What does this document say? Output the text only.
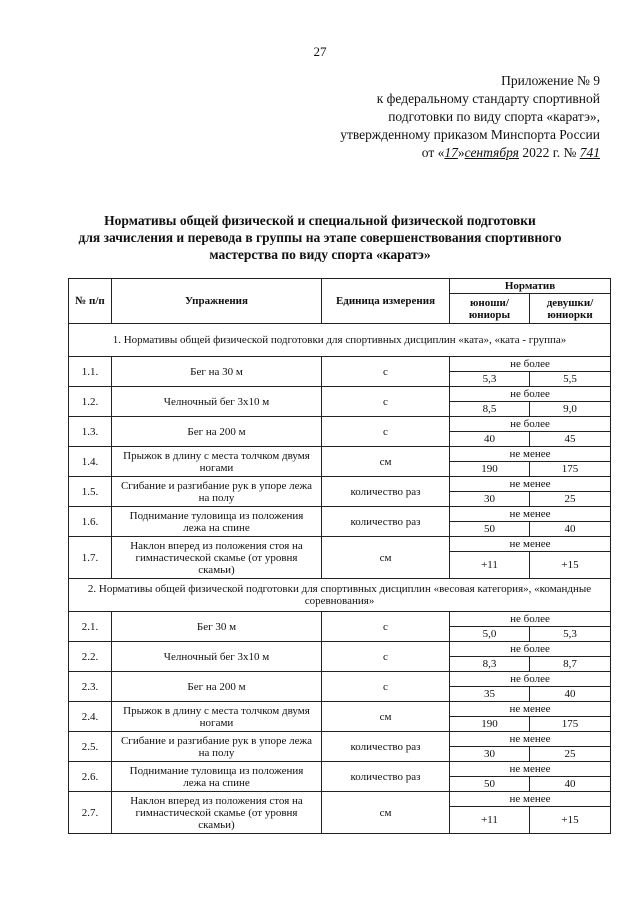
27
Приложение № 9
к федеральному стандарту спортивной
подготовки по виду спорта «каратэ»,
утвержденному приказом Минспорта России
от «17»сентября 2022 г. № 741
Нормативы общей физической и специальной физической подготовки
для зачисления и перевода в группы на этапе совершенствования спортивного
мастерства по виду спорта «каратэ»
№ п/п	Упражнения	Единица измерения	Норматив	
			юноши/ юниоры	девушки/ юниорки
1. Нормативы общей физической подготовки для спортивных дисциплин «ката», «ката - группа»				
1.1.	Бег на 30 м	с	не более	
			5,3	5,5
1.2.	Челночный бег 3х10 м	с	не более	
			8,5	9,0
1.3.	Бег на 200 м	с	не более	
			40	45
1.4.	Прыжок в длину с места толчком двумя ногами	см	не менее	
			190	175
1.5.	Сгибание и разгибание рук в упоре лежа на полу	количество раз	не менее	
			30	25
1.6.	Поднимание туловища из положения лежа на спине	количество раз	не менее	
			50	40
1.7.	Наклон вперед из положения стоя на гимнастической скамье (от уровня скамьи)	см	не менее	
			+11	+15
2. Нормативы общей физической подготовки для спортивных дисциплин «весовая категория», «командные соревнования»				
2.1.	Бег 30 м	с	не более	
			5,0	5,3
2.2.	Челночный бег 3х10 м	с	не более	
			8,3	8,7
2.3.	Бег на 200 м	с	не более	
			35	40
2.4.	Прыжок в длину с места толчком двумя ногами	см	не менее	
			190	175
2.5.	Сгибание и разгибание рук в упоре лежа на полу	количество раз	не менее	
			30	25
2.6.	Поднимание туловища из положения лежа на спине	количество раз	не менее	
			50	40
2.7.	Наклон вперед из положения стоя на гимнастической скамье (от уровня скамьи)	см	не менее	
			+11	+15
